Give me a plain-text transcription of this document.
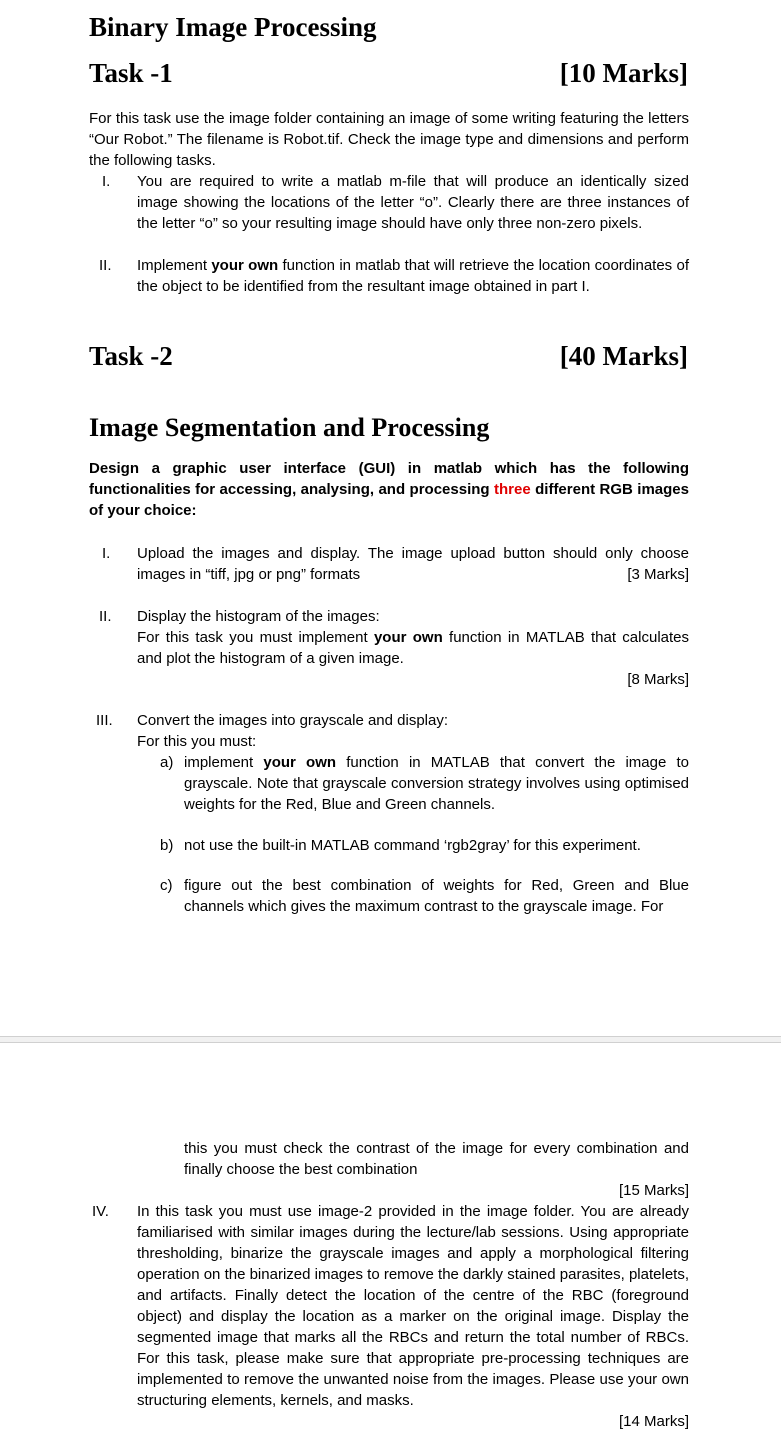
Binary Image Processing
Task -1	[10 Marks]
For this task use the image folder containing an image of some writing featuring the letters “Our Robot.” The filename is Robot.tif. Check the image type and dimensions and perform the following tasks.
I. You are required to write a matlab m-file that will produce an identically sized image showing the locations of the letter “o”. Clearly there are three instances of the letter “o” so your resulting image should have only three non-zero pixels.
II. Implement your own function in matlab that will retrieve the location coordinates of the object to be identified from the resultant image obtained in part I.
Task -2	[40 Marks]
Image Segmentation and Processing
Design a graphic user interface (GUI) in matlab which has the following functionalities for accessing, analysing, and processing three different RGB images of your choice:
I. Upload the images and display. The image upload button should only choose images in “tiff, jpg or png” formats	[3 Marks]
II. Display the histogram of the images:
For this task you must implement your own function in MATLAB that calculates and plot the histogram of a given image.
[8 Marks]
III. Convert the images into grayscale and display:
For this you must:
a) implement your own function in MATLAB that convert the image to grayscale. Note that grayscale conversion strategy involves using optimised weights for the Red, Blue and Green channels.
b) not use the built-in MATLAB command ‘rgb2gray’ for this experiment.
c) figure out the best combination of weights for Red, Green and Blue channels which gives the maximum contrast to the grayscale image. For
this you must check the contrast of the image for every combination and finally choose the best combination
[15 Marks]
IV. In this task you must use image-2 provided in the image folder. You are already familiarised with similar images during the lecture/lab sessions. Using appropriate thresholding, binarize the grayscale images and apply a morphological filtering operation on the binarized images to remove the darkly stained parasites, platelets, and artifacts. Finally detect the location of the centre of the RBC (foreground object) and display the location as a marker on the original image. Display the segmented image that marks all the RBCs and return the total number of RBCs. For this task, please make sure that appropriate pre-processing techniques are implemented to remove the unwanted noise from the images. Please use your own structuring elements, kernels, and masks.
[14 Marks]
